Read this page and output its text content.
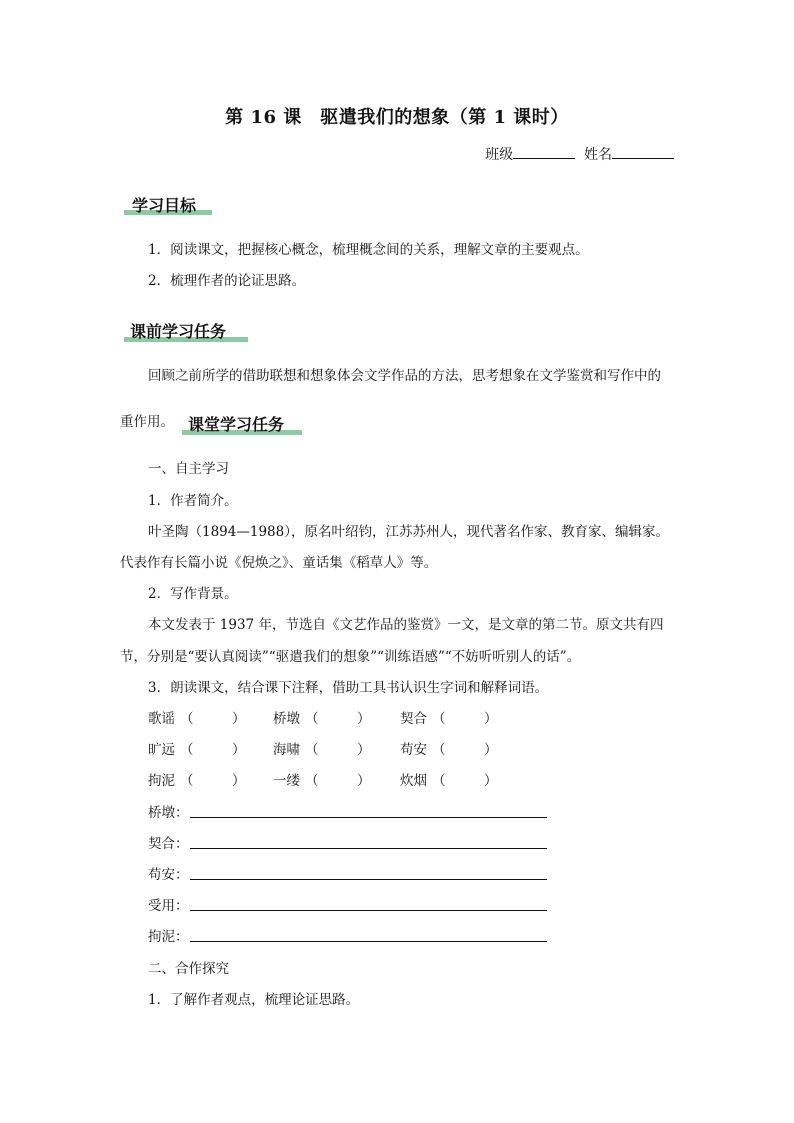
第 16 课　驱遣我们的想象（第 1 课时）
班级	姓名
学习目标
1．阅读课文，把握核心概念，梳理概念间的关系，理解文章的主要观点。
2．梳理作者的论证思路。
课前学习任务
回顾之前所学的借助联想和想象体会文学作品的方法，思考想象在文学鉴赏和写作中的
重作用。 课堂学习任务
一、自主学习
1．作者简介。
叶圣陶（1894—1988），原名叶绍钧，江苏苏州人，现代著名作家、教育家、编辑家。
代表作有长篇小说《倪焕之》、童话集《稻草人》等。
2．写作背景。
本文发表于 1937 年，节选自《文艺作品的鉴赏》一文，是文章的第二节。原文共有四
节，分别是“要认真阅读”“驱遣我们的想象”“训练语感”“不妨听听别人的话”。
3．朗读课文，结合课下注释，借助工具书认识生字词和解释词语。
歌谣 （	） 桥墩 （	） 契合 （	）
旷远 （	） 海啸 （	） 苟安 （	）
拘泥 （	） 一缕 （	） 炊烟 （	）
桥墩：
契合：
苟安：
受用：
拘泥：
二、合作探究
1．了解作者观点，梳理论证思路。
